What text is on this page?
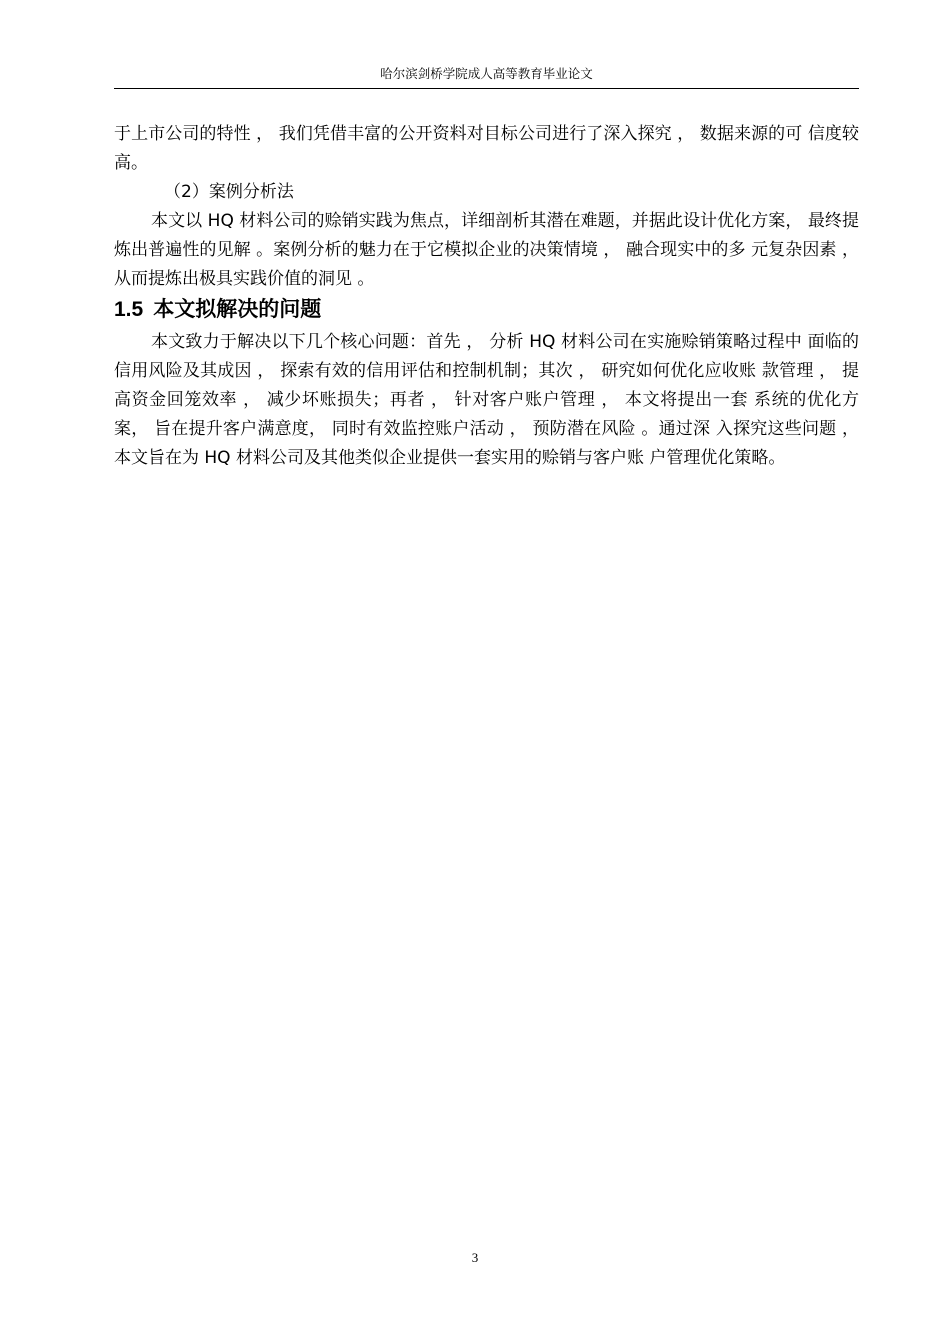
哈尔滨剑桥学院成人高等教育毕业论文

于上市公司的特性 ， 我们凭借丰富的公开资料对目标公司进行了深入探究 ， 数据来源的可 信度较高。

（2）案例分析法

本文以 HQ 材料公司的赊销实践为焦点，详细剖析其潜在难题，并据此设计优化方案， 最终提炼出普遍性的见解 。案例分析的魅力在于它模拟企业的决策情境 ， 融合现实中的多 元复杂因素 ， 从而提炼出极具实践价值的洞见 。

1.5 本文拟解决的问题

本文致力于解决以下几个核心问题：首先 ， 分析 HQ 材料公司在实施赊销策略过程中 面临的信用风险及其成因 ， 探索有效的信用评估和控制机制；其次 ， 研究如何优化应收账 款管理 ， 提高资金回笼效率 ， 减少坏账损失；再者 ， 针对客户账户管理 ， 本文将提出一套 系统的优化方案， 旨在提升客户满意度， 同时有效监控账户活动 ， 预防潜在风险 。通过深 入探究这些问题 ， 本文旨在为 HQ 材料公司及其他类似企业提供一套实用的赊销与客户账 户管理优化策略。

3
